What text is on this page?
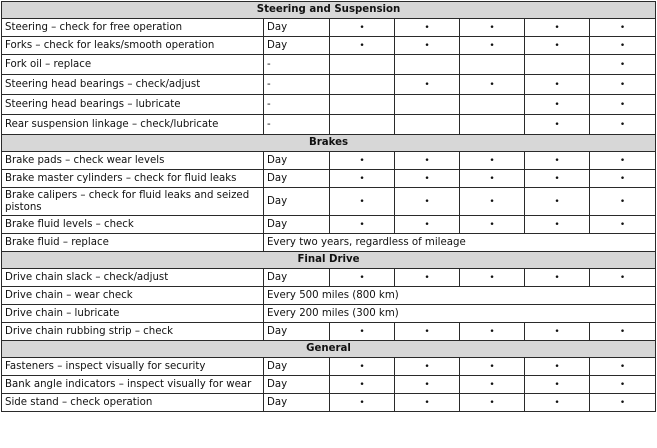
Steering and Suspension						
Steering – check for free operation	Day	•	•	•	•	•
Forks – check for leaks/smooth operation	Day	•	•	•	•	•
Fork oil – replace	-					•
Steering head bearings – check/adjust	-		•	•	•	•
Steering head bearings – lubricate	-				•	•
Rear suspension linkage – check/lubricate	-				•	•
Brakes						
Brake pads – check wear levels	Day	•	•	•	•	•
Brake master cylinders – check for fluid leaks	Day	•	•	•	•	•
Brake calipers – check for fluid leaks and seized pistons	Day	•	•	•	•	•
Brake fluid levels – check	Day	•	•	•	•	•
Brake fluid – replace	Every two years, regardless of mileage					
Final Drive						
Drive chain slack – check/adjust	Day	•	•	•	•	•
Drive chain – wear check	Every 500 miles (800 km)					
Drive chain – lubricate	Every 200 miles (300 km)					
Drive chain rubbing strip – check	Day	•	•	•	•	•
General						
Fasteners – inspect visually for security	Day	•	•	•	•	•
Bank angle indicators – inspect visually for wear	Day	•	•	•	•	•
Side stand – check operation	Day	•	•	•	•	•
